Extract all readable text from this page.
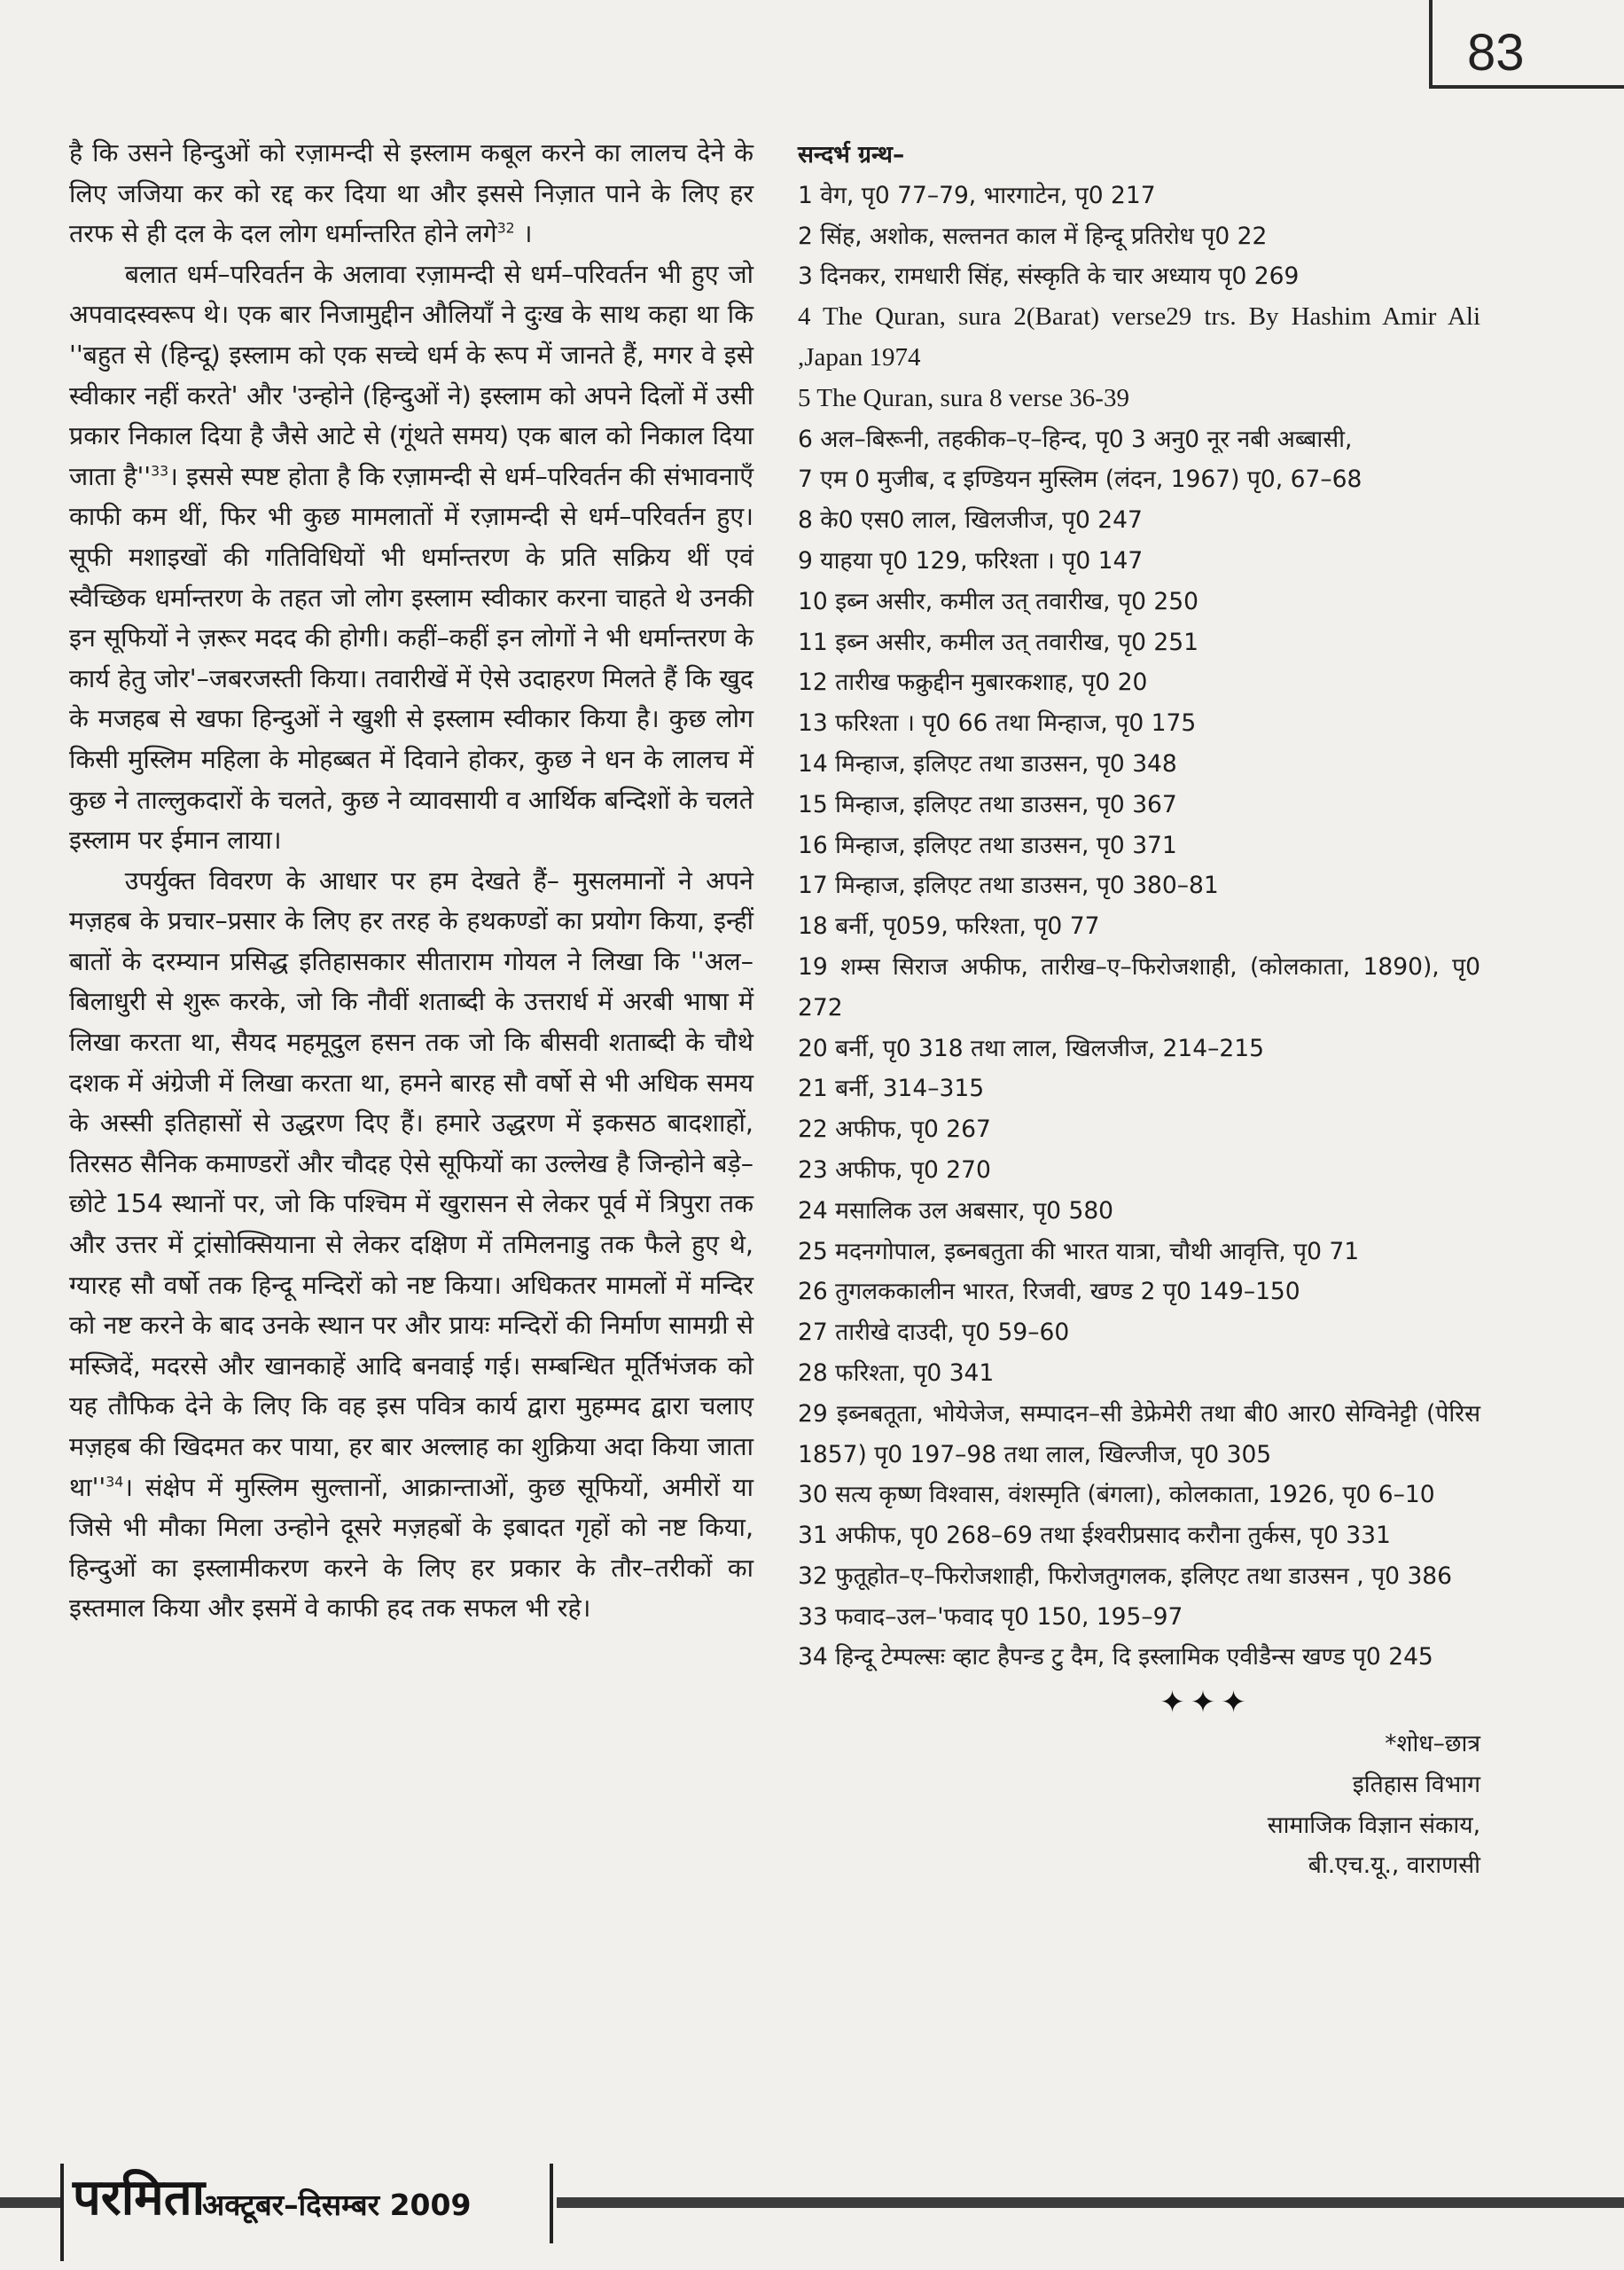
83

है कि उसने हिन्दुओं को रज़ामन्दी से इस्लाम कबूल करने का लालच देने के लिए जजिया कर को रद्द कर दिया था और इससे निज़ात पाने के लिए हर तरफ से ही दल के दल लोग धर्मान्तरित होने लगे$^{32}$ ।

बलात धर्म–परिवर्तन के अलावा रज़ामन्दी से धर्म–परिवर्तन भी हुए जो अपवादस्वरूप थे। एक बार निजामुद्दीन औलियाँ ने दुःख के साथ कहा था कि ''बहुत से (हिन्दू) इस्लाम को एक सच्चे धर्म के रूप में जानते हैं, मगर वे इसे स्वीकार नहीं करते' और 'उन्होने (हिन्दुओं ने) इस्लाम को अपने दिलों में उसी प्रकार निकाल दिया है जैसे आटे से (गूंथते समय) एक बाल को निकाल दिया जाता $है''^{33}।$ इससे स्पष्ट होता है कि रज़ामन्दी से धर्म–परिवर्तन की संभावनाएँ काफी कम थीं, फिर भी कुछ मामलातों में रज़ामन्दी से धर्म–परिवर्तन हुए। सूफी मशाइखों की गतिविधियों भी धर्मान्तरण के प्रति सक्रिय थीं एवं स्वैच्छिक धर्मान्तरण के तहत जो लोग इस्लाम स्वीकार करना चाहते थे उनकी इन सूफियों ने ज़रूर मदद की होगी। कहीं–कहीं इन लोगों ने भी धर्मान्तरण के कार्य हेतु जोर'–जबरजस्ती किया। तवारीखें में ऐसे उदाहरण मिलते हैं कि खुद के मजहब से खफा हिन्दुओं ने खुशी से इस्लाम स्वीकार किया है। कुछ लोग किसी मुस्लिम महिला के मोहब्बत में दिवाने होकर, कुछ ने धन के लालच में कुछ ने ताल्लुकदारों के चलते, कुछ ने व्यावसायी व आर्थिक बन्दिशों के चलते इस्लाम पर ईमान लाया।

उपर्युक्त विवरण के आधार पर हम देखते हैं– मुसलमानों ने अपने मज़हब के प्रचार–प्रसार के लिए हर तरह के हथकण्डों का प्रयोग किया, इन्हीं बातों के दरम्यान प्रसिद्ध इतिहासकार सीताराम गोयल ने लिखा कि ''अल–बिलाधुरी से शुरू करके, जो कि नौवीं शताब्दी के उत्तरार्ध में अरबी भाषा में लिखा करता था, सैयद महमूदुल हसन तक जो कि बीसवी शताब्दी के चौथे दशक में अंग्रेजी में लिखा करता था, हमने बारह सौ वर्षो से भी अधिक समय के अस्सी इतिहासों से उद्धरण दिए हैं। हमारे उद्धरण में इकसठ बादशाहों, तिरसठ सैनिक कमाण्डरों और चौदह ऐसे सूफियों का उल्लेख है जिन्होने बड़े–छोटे 154 स्थानों पर, जो कि पश्चिम में खुरासन से लेकर पूर्व में त्रिपुरा तक और उत्तर में ट्रांसोक्सियाना से लेकर दक्षिण में तमिलनाडु तक फैले हुए थे, ग्यारह सौ वर्षो तक हिन्दू मन्दिरों को नष्ट किया। अधिकतर मामलों में मन्दिर को नष्ट करने के बाद उनके स्थान पर और प्रायः मन्दिरों की निर्माण सामग्री से मस्जिदें, मदरसे और खानकाहें आदि बनवाई गई। सम्बन्धित मूर्तिभंजक को यह तौफिक देने के लिए कि वह इस पवित्र कार्य द्वारा मुहम्मद द्वारा चलाए मज़हब की खिदमत कर पाया, हर बार अल्लाह का शुक्रिया अदा किया जाता $था''^{34}।$ संक्षेप में मुस्लिम सुल्तानों, आक्रान्ताओं, कुछ सूफियों, अमीरों या जिसे भी मौका मिला उन्होने दूसरे मज़हबों के इबादत गृहों को नष्ट किया, हिन्दुओं का इस्लामीकरण करने के लिए हर प्रकार के तौर–तरीकों का इस्तमाल किया और इसमें वे काफी हद तक सफल भी रहे।

सन्दर्भ ग्रन्थ–

1 वेग, पृ0 77–79, भारगाटेन, पृ0 217

2 सिंह, अशोक, सल्तनत काल में हिन्दू प्रतिरोध पृ0 22

3 दिनकर, रामधारी सिंह, संस्कृति के चार अध्याय पृ0 269

4 The Quran, sura 2(Barat) verse29 trs. By Hashim Amir Ali ,Japan 1974

5 The Quran, sura 8 verse 36-39

6 अल–बिरूनी, तहकीक–ए–हिन्द, पृ0 3 अनु0 नूर नबी अब्बासी,

7 एम 0 मुजीब, द इण्डियन मुस्लिम (लंदन, 1967) पृ0, 67–68

8 के0 एस0 लाल, खिलजीज, पृ0 247

9 याहया पृ0 129, फरिश्ता । पृ0 147

10 इब्न असीर, कमील उत् तवारीख, पृ0 250

11 इब्न असीर, कमील उत् तवारीख, पृ0 251

12 तारीख फक्रुद्दीन मुबारकशाह, पृ0 20

13 फरिश्ता । पृ0 66 तथा मिन्हाज, पृ0 175

14 मिन्हाज, इलिएट तथा डाउसन, पृ0 348

15 मिन्हाज, इलिएट तथा डाउसन, पृ0 367

16 मिन्हाज, इलिएट तथा डाउसन, पृ0 371

17 मिन्हाज, इलिएट तथा डाउसन, पृ0 380–81

18 बर्नी, पृ059, फरिश्ता, पृ0 77

19 शम्स सिराज अफीफ, तारीख–ए–फिरोजशाही, (कोलकाता, 1890), पृ0 272

20 बर्नी, पृ0 318 तथा लाल, खिलजीज, 214–215

21 बर्नी, 314–315

22 अफीफ, पृ0 267

23 अफीफ, पृ0 270

24 मसालिक उल अबसार, पृ0 580

25 मदनगोपाल, इब्नबतुता की भारत यात्रा, चौथी आवृत्ति, पृ0 71

26 तुगलककालीन भारत, रिजवी, खण्ड 2 पृ0 149–150

27 तारीखे दाउदी, पृ0 59–60

28 फरिश्ता, पृ0 341

29 इब्नबतूता, भोयेजेज, सम्पादन–सी डेफ्रेमेरी तथा बी0 आर0 सेग्विनेट्टी (पेरिस 1857) पृ0 197–98 तथा लाल, खिल्जीज, पृ0 305

30 सत्य कृष्ण विश्वास, वंशस्मृति (बंगला), कोलकाता, 1926, पृ0 6–10

31 अफीफ, पृ0 268–69 तथा ईश्वरीप्रसाद करौना तुर्कस, पृ0 331

32 फुतूहोत–ए–फिरोजशाही, फिरोजतुगलक, इलिएट तथा डाउसन , पृ0 386

33 फवाद–उल–'फवाद पृ0 150, 195–97

34 हिन्दू टेम्पल्सः व्हाट हैपन्ड टु दैम, दि इस्लामिक एवीडैन्स खण्ड पृ0 245

✦✦✦
*शोध–छात्र
इतिहास विभाग
सामाजिक विज्ञान संकाय,
बी.एच.यू., वाराणसी
परमिता
अक्टूबर–दिसम्बर 2009
